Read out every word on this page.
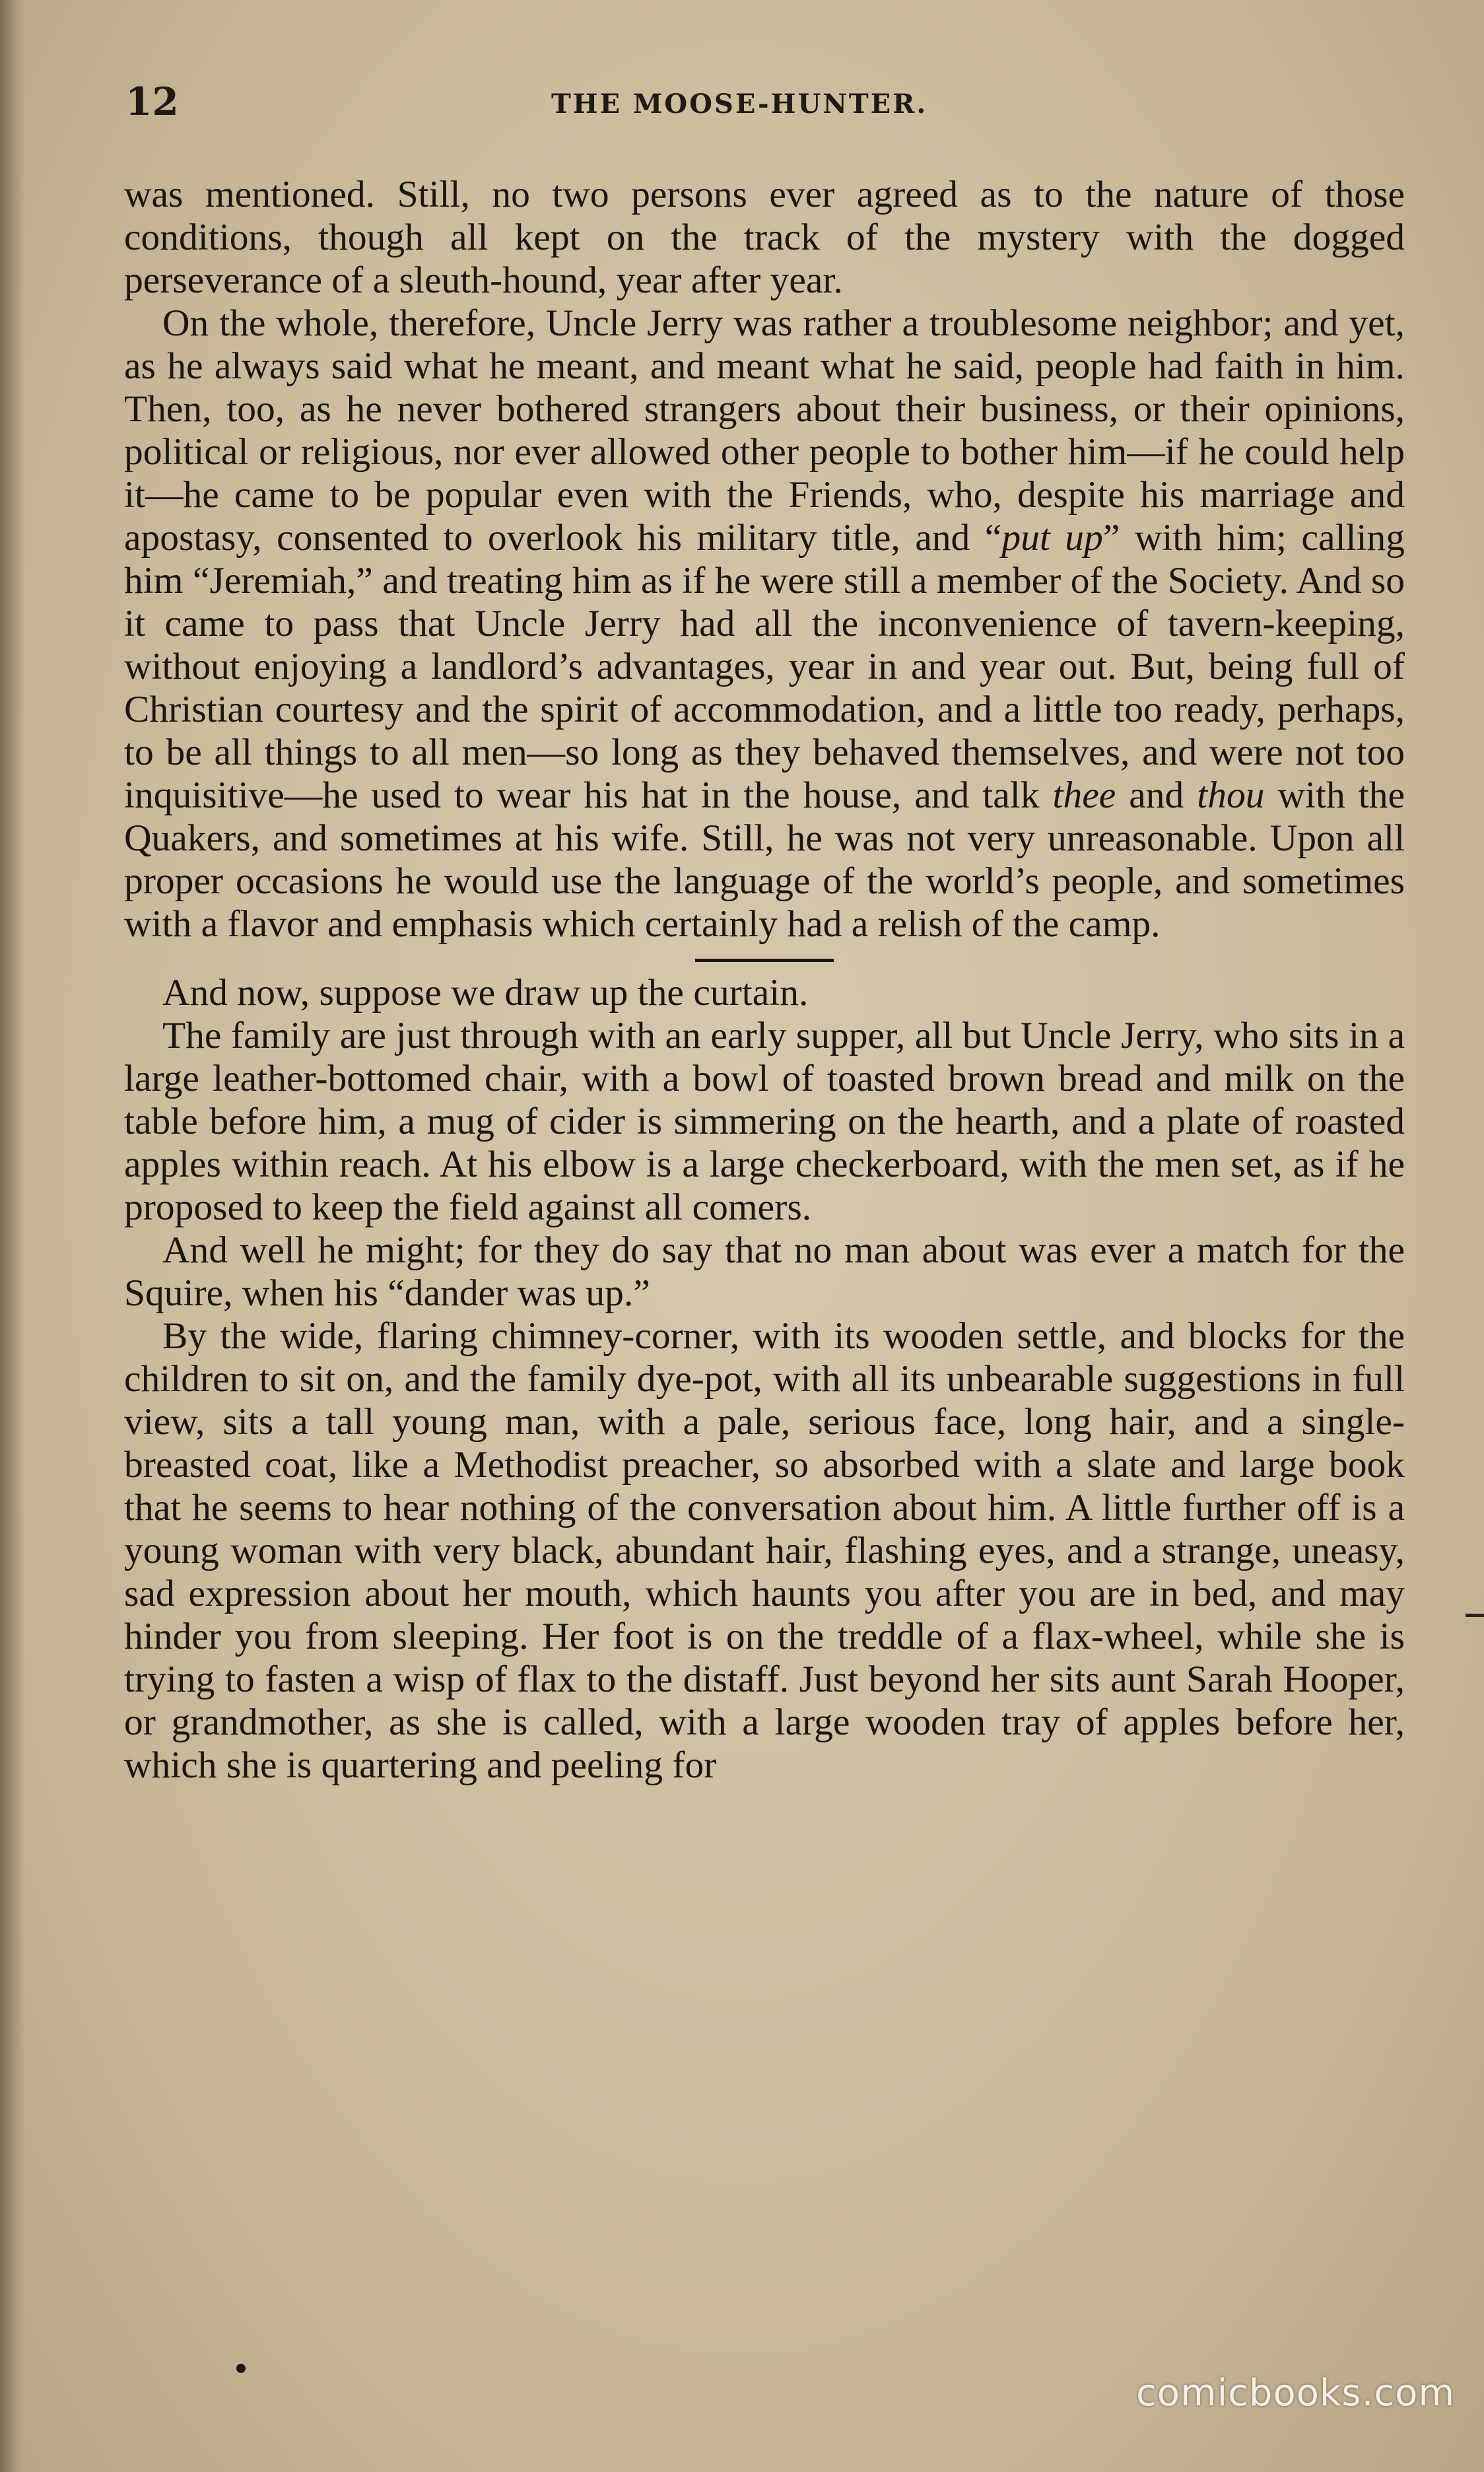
12	THE MOOSE-HUNTER.

was mentioned. Still, no two persons ever agreed as to the nature of those conditions, though all kept on the track of the mystery with the dogged perseverance of a sleuth-hound, year after year.

On the whole, therefore, Uncle Jerry was rather a troublesome neighbor; and yet, as he always said what he meant, and meant what he said, people had faith in him. Then, too, as he never bothered strangers about their business, or their opinions, political or religious, nor ever allowed other people to bother him—if he could help it—he came to be popular even with the Friends, who, despite his marriage and apostasy, consented to overlook his military title, and “put up” with him; calling him “Jeremiah,” and treating him as if he were still a member of the Society. And so it came to pass that Uncle Jerry had all the inconvenience of tavern-keeping, without enjoying a landlord’s advantages, year in and year out. But, being full of Christian courtesy and the spirit of accommodation, and a little too ready, perhaps, to be all things to all men—so long as they behaved themselves, and were not too inquisitive—he used to wear his hat in the house, and talk thee and thou with the Quakers, and sometimes at his wife. Still, he was not very unreasonable. Upon all proper occasions he would use the language of the world’s people, and sometimes with a flavor and emphasis which certainly had a relish of the camp.

And now, suppose we draw up the curtain.

The family are just through with an early supper, all but Uncle Jerry, who sits in a large leather-bottomed chair, with a bowl of toasted brown bread and milk on the table before him, a mug of cider is simmering on the hearth, and a plate of roasted apples within reach. At his elbow is a large checkerboard, with the men set, as if he proposed to keep the field against all comers.

And well he might; for they do say that no man about was ever a match for the Squire, when his “dander was up.”

By the wide, flaring chimney-corner, with its wooden settle, and blocks for the children to sit on, and the family dye-pot, with all its unbearable suggestions in full view, sits a tall young man, with a pale, serious face, long hair, and a single-breasted coat, like a Methodist preacher, so absorbed with a slate and large book that he seems to hear nothing of the conversation about him. A little further off is a young woman with very black, abundant hair, flashing eyes, and a strange, uneasy, sad expression about her mouth, which haunts you after you are in bed, and may hinder you from sleeping. Her foot is on the treddle of a flax-wheel, while she is trying to fasten a wisp of flax to the distaff. Just beyond her sits aunt Sarah Hooper, or grandmother, as she is called, with a large wooden tray of apples before her, which she is quartering and peeling for

comicbooks.com
